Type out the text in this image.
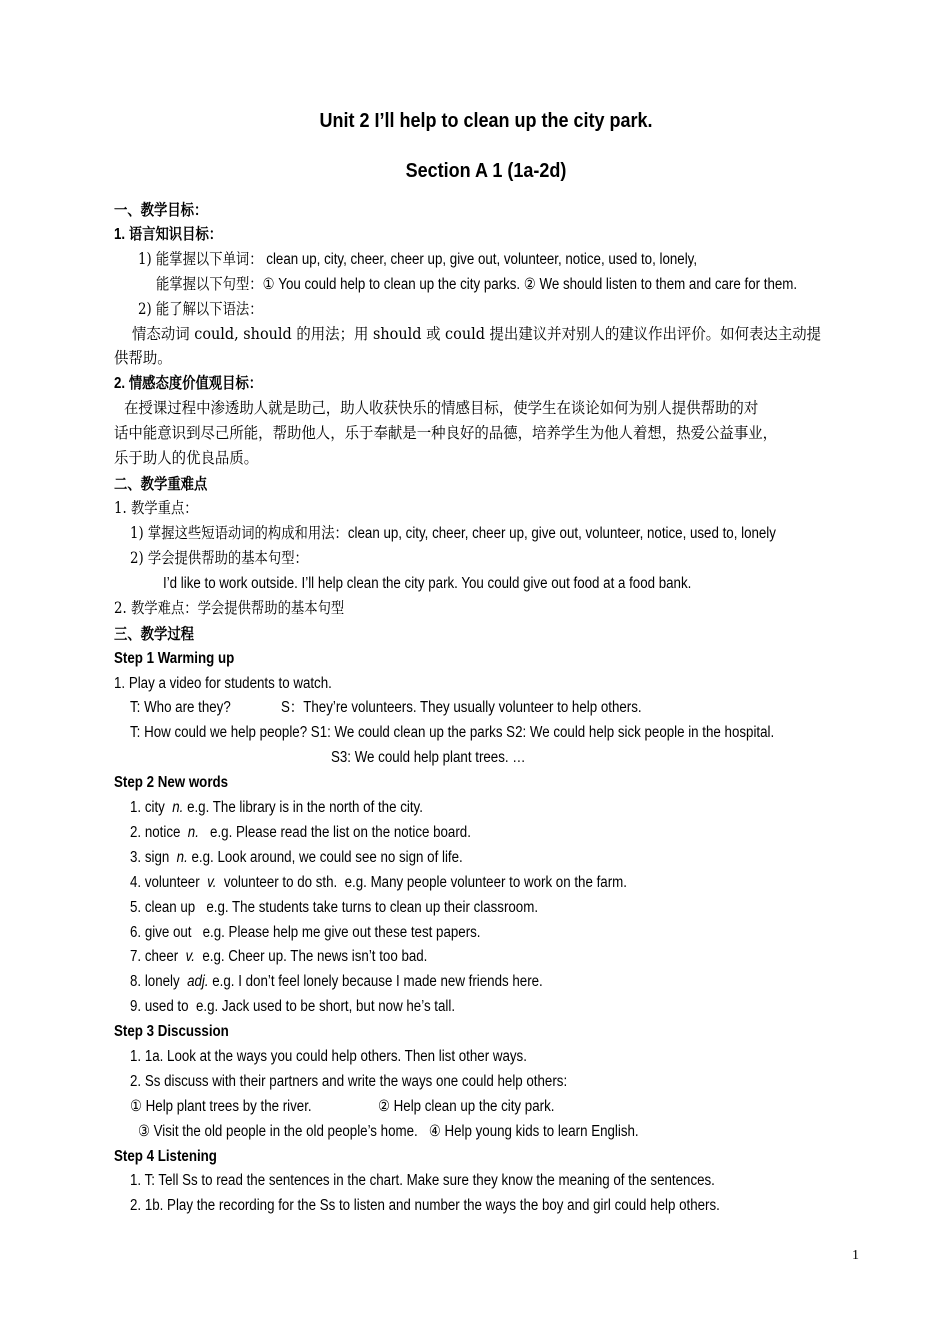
Unit 2 I’ll help to clean up the city park.
Section A 1 (1a-2d)
一、教学目标：
1. 语言知识目标：
1) 能掌握以下单词： clean up, city, cheer, cheer up, give out, volunteer, notice, used to, lonely,
能掌握以下句型：① You could help to clean up the city parks. ② We should listen to them and care for them.
2) 能了解以下语法：
情态动词 could, should 的用法；用 should 或 could 提出建议并对别人的建议作出评价。如何表达主动提
供帮助。
2. 情感态度价值观目标：
在授课过程中渗透助人就是助己，助人收获快乐的情感目标，使学生在谈论如何为别人提供帮助的对
话中能意识到尽己所能，帮助他人，乐于奉献是一种良好的品德，培养学生为他人着想，热爱公益事业，
乐于助人的优良品质。
二、教学重难点
1. 教学重点：
1) 掌握这些短语动词的构成和用法：clean up, city, cheer, cheer up, give out, volunteer, notice, used to, lonely
2) 学会提供帮助的基本句型：
I’d like to work outside. I’ll help clean the city park. You could give out food at a food bank.
2. 教学难点：学会提供帮助的基本句型
三、教学过程
Step 1 Warming up
1. Play a video for students to watch.
T: Who are they?	S：They’re volunteers. They usually volunteer to help others.
T: How could we help people? S1: We could clean up the parks S2: We could help sick people in the hospital.
S3: We could help plant trees. …
Step 2 New words
1. city  n. e.g. The library is in the north of the city.
2. notice  n.   e.g. Please read the list on the notice board.
3. sign  n. e.g. Look around, we could see no sign of life.
4. volunteer  v.  volunteer to do sth.  e.g. Many people volunteer to work on the farm.
5. clean up   e.g. The students take turns to clean up their classroom.
6. give out   e.g. Please help me give out these test papers.
7. cheer  v.  e.g. Cheer up. The news isn’t too bad.
8. lonely  adj. e.g. I don’t feel lonely because I made new friends here.
9. used to  e.g. Jack used to be short, but now he’s tall.
Step 3 Discussion
1. 1a. Look at the ways you could help others. Then list other ways.
2. Ss discuss with their partners and write the ways one could help others:
① Help plant trees by the river.	② Help clean up the city park.
③ Visit the old people in the old people’s home.   ④ Help young kids to learn English.
Step 4 Listening
1. T: Tell Ss to read the sentences in the chart. Make sure they know the meaning of the sentences.
2. 1b. Play the recording for the Ss to listen and number the ways the boy and girl could help others.
1
